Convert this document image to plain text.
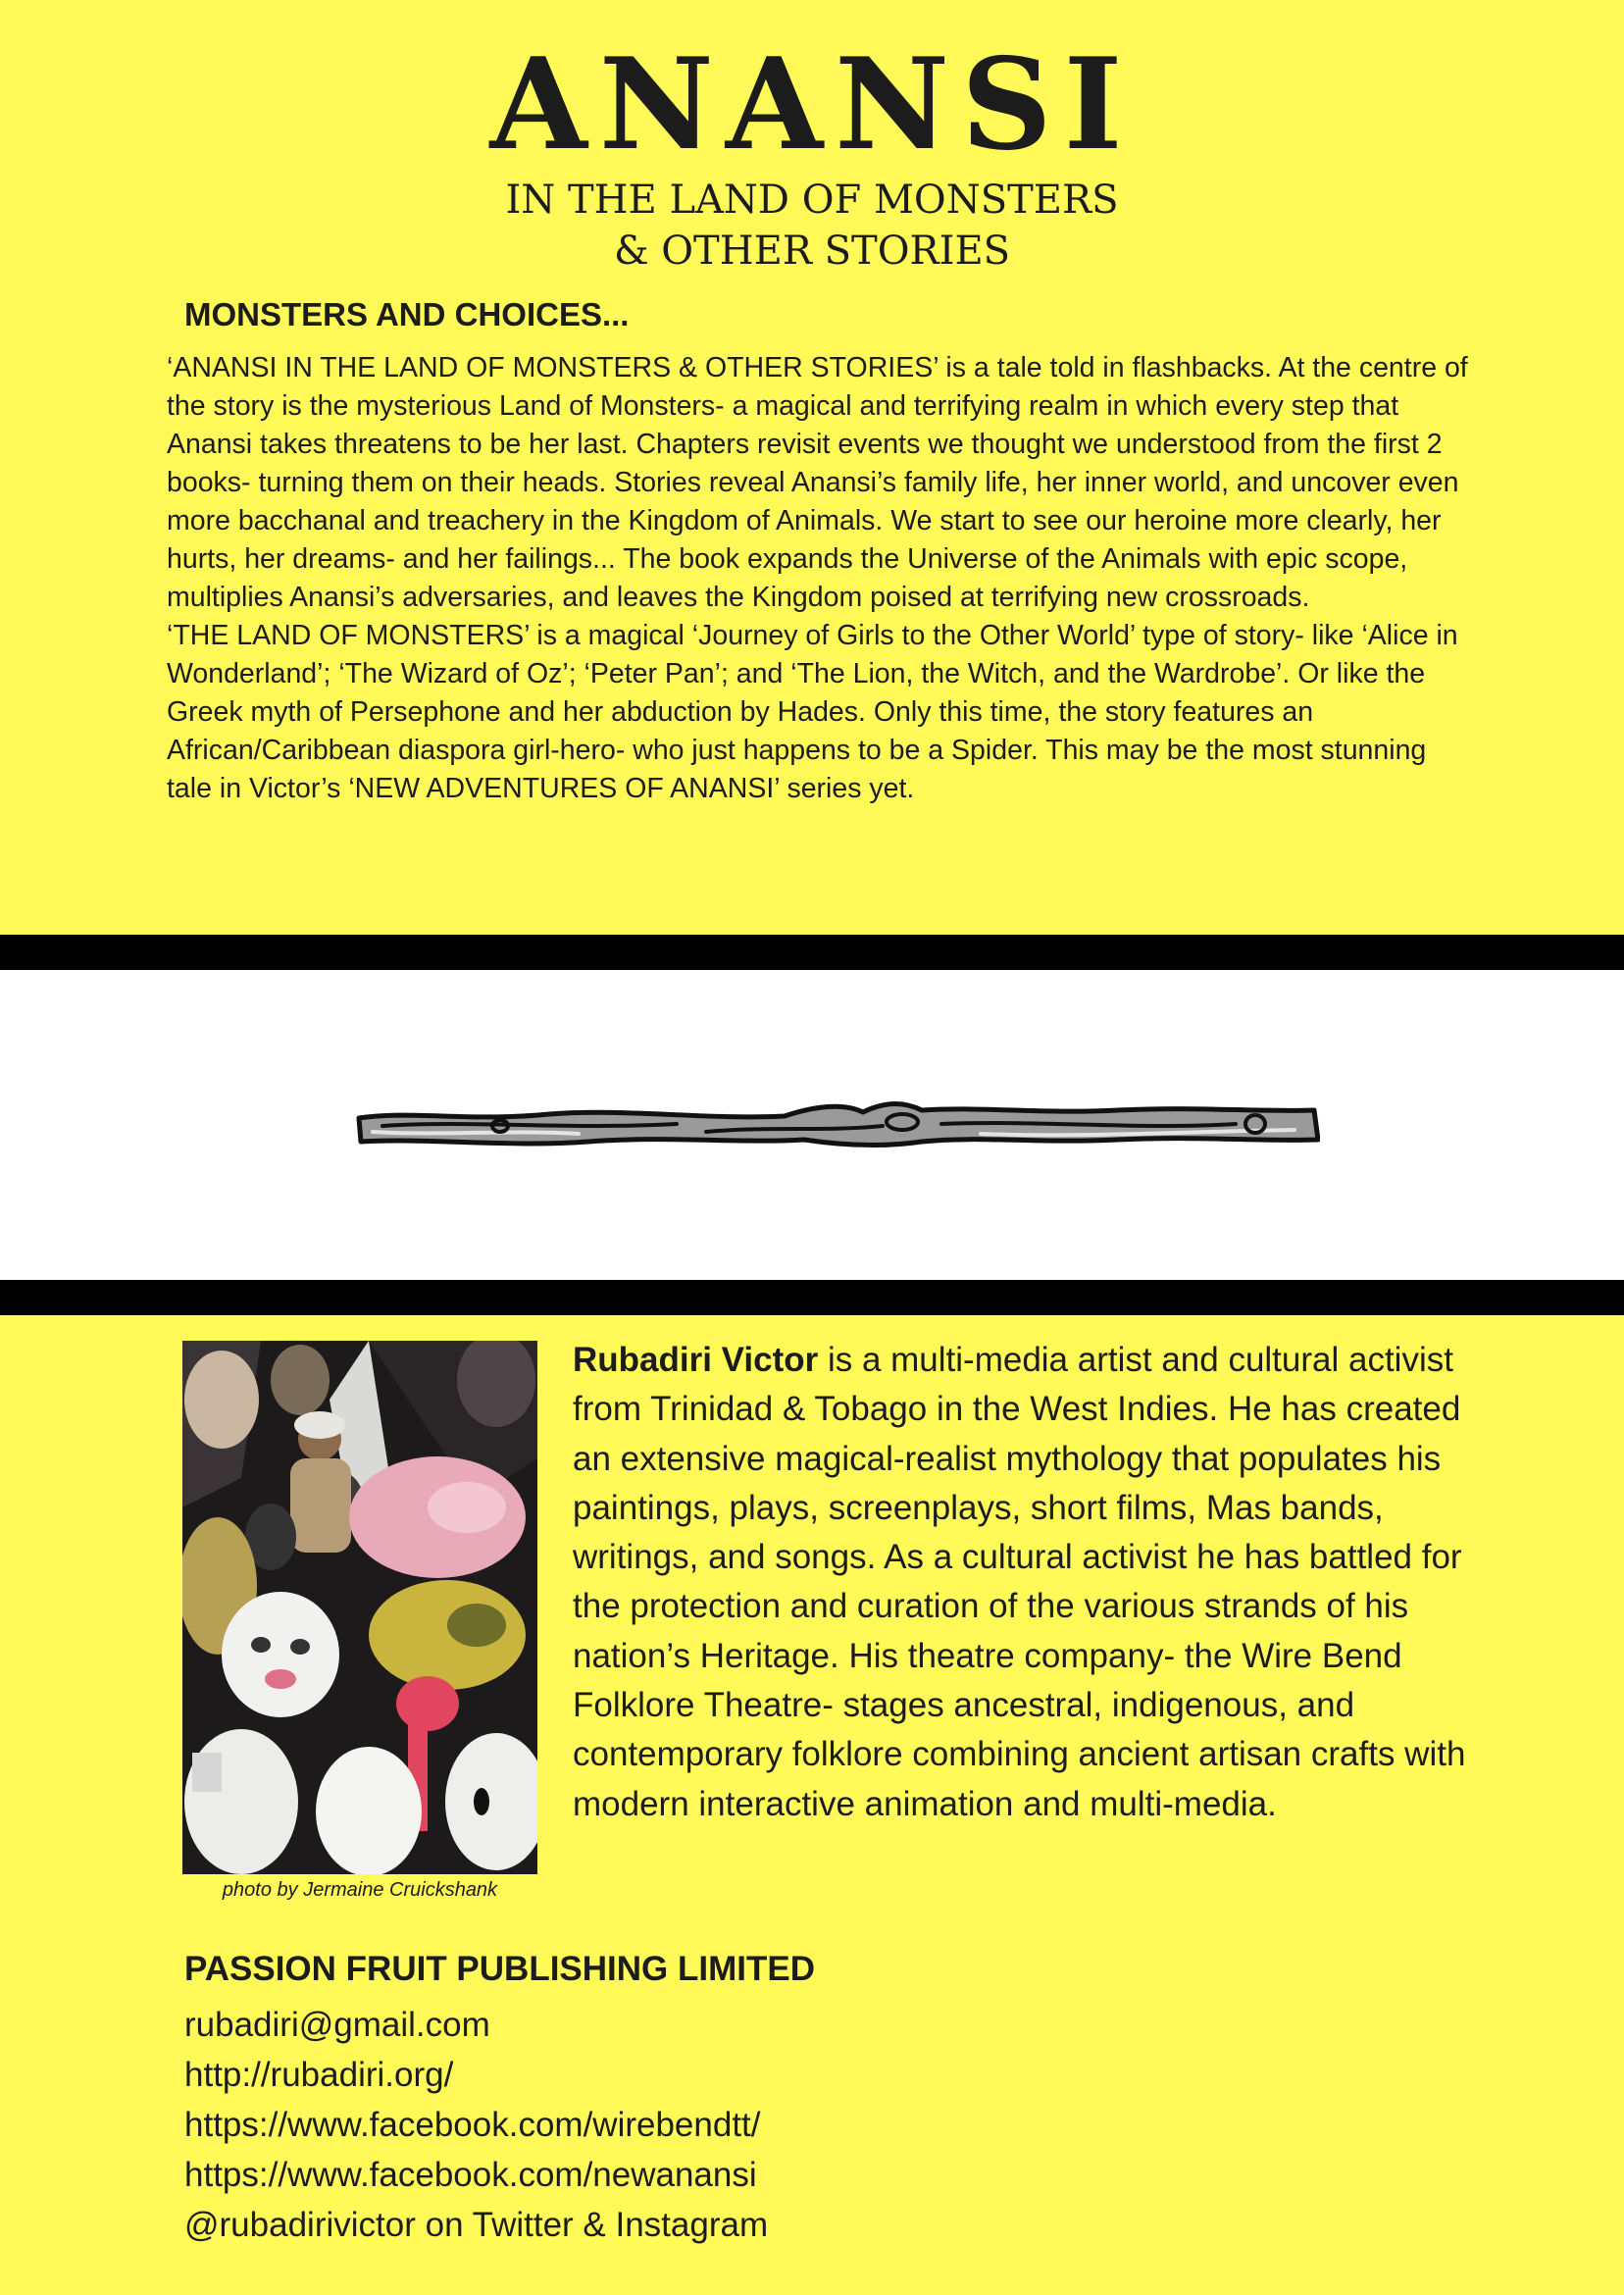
ANANSI
IN THE LAND OF MONSTERS
& OTHER STORIES
MONSTERS AND CHOICES...

‘ANANSI IN THE LAND OF MONSTERS & OTHER STORIES’ is a tale told in flashbacks. At the centre of the story is the mysterious Land of Monsters- a magical and terrifying realm in which every step that Anansi takes threatens to be her last. Chapters revisit events we thought we understood from the first 2 books- turning them on their heads. Stories reveal Anansi’s family life, her inner world, and uncover even more bacchanal and treachery in the Kingdom of Animals. We start to see our heroine more clearly, her hurts, her dreams- and her failings... The book expands the Universe of the Animals with epic scope, multiplies Anansi’s adversaries, and leaves the Kingdom poised at terrifying new crossroads.

‘THE LAND OF MONSTERS’ is a magical ‘Journey of Girls to the Other World’ type of story- like ‘Alice in Wonderland’; ‘The Wizard of Oz’; ‘Peter Pan’; and ‘The Lion, the Witch, and the Wardrobe’. Or like the Greek myth of Persephone and her abduction by Hades. Only this time, the story features an African/Caribbean diaspora girl-hero- who just happens to be a Spider. This may be the most stunning tale in Victor’s ‘NEW ADVENTURES OF ANANSI’ series yet.

photo by Jermaine Cruickshank
Rubadiri Victor is a multi-media artist and cultural activist from Trinidad & Tobago in the West Indies. He has created an extensive magical-realist mythology that populates his paintings, plays, screenplays, short films, Mas bands, writings, and songs. As a cultural activist he has battled for the protection and curation of the various strands of his nation’s Heritage. His theatre company- the Wire Bend Folklore Theatre- stages ancestral, indigenous, and contemporary folklore combining ancient artisan crafts with modern interactive animation and multi-media.
PASSION FRUIT PUBLISHING LIMITED
rubadiri@gmail.com
http://rubadiri.org/
https://www.facebook.com/wirebendtt/
https://www.facebook.com/newanansi
@rubadirivictor on Twitter & Instagram
